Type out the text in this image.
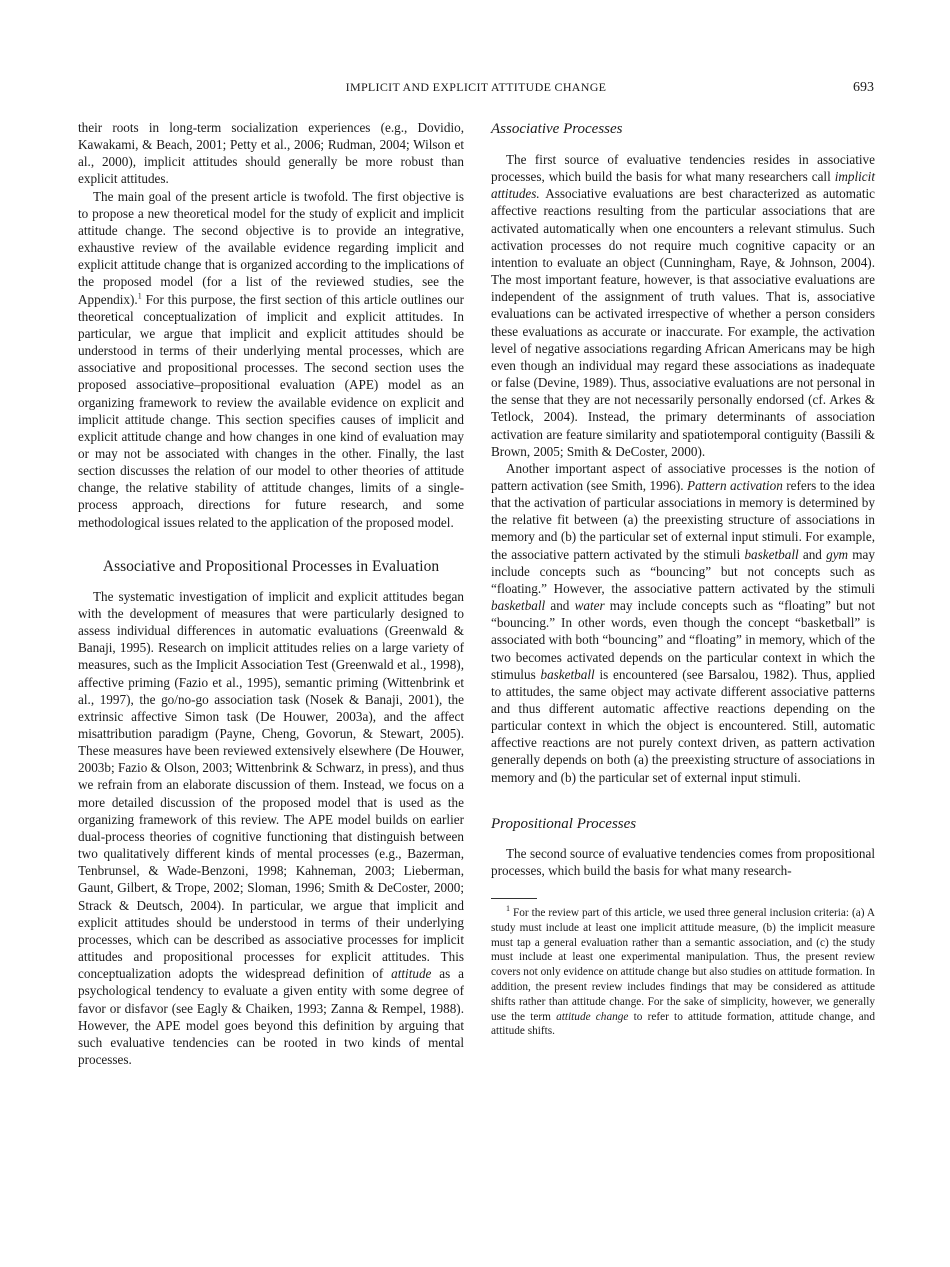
IMPLICIT AND EXPLICIT ATTITUDE CHANGE	693

their roots in long-term socialization experiences (e.g., Dovidio, Kawakami, & Beach, 2001; Petty et al., 2006; Rudman, 2004; Wilson et al., 2000), implicit attitudes should generally be more robust than explicit attitudes.

The main goal of the present article is twofold. The first objective is to propose a new theoretical model for the study of explicit and implicit attitude change. The second objective is to provide an integrative, exhaustive review of the available evidence regarding implicit and explicit attitude change that is organized according to the implications of the proposed model (for a list of the reviewed studies, see the Appendix).$^1$ For this purpose, the first section of this article outlines our theoretical conceptualization of implicit and explicit attitudes. In particular, we argue that implicit and explicit attitudes should be understood in terms of their underlying mental processes, which are associative and propositional processes. The second section uses the proposed associative–propositional evaluation (APE) model as an organizing framework to review the available evidence on explicit and implicit attitude change. This section specifies causes of implicit and explicit attitude change and how changes in one kind of evaluation may or may not be associated with changes in the other. Finally, the last section discusses the relation of our model to other theories of attitude change, the relative stability of attitude changes, limits of a single-process approach, directions for future research, and some methodological issues related to the application of the proposed model.

Associative and Propositional Processes in Evaluation

The systematic investigation of implicit and explicit attitudes began with the development of measures that were particularly designed to assess individual differences in automatic evaluations (Greenwald & Banaji, 1995). Research on implicit attitudes relies on a large variety of measures, such as the Implicit Association Test (Greenwald et al., 1998), affective priming (Fazio et al., 1995), semantic priming (Wittenbrink et al., 1997), the go/no-go association task (Nosek & Banaji, 2001), the extrinsic affective Simon task (De Houwer, 2003a), and the affect misattribution paradigm (Payne, Cheng, Govorun, & Stewart, 2005). These measures have been reviewed extensively elsewhere (De Houwer, 2003b; Fazio & Olson, 2003; Wittenbrink & Schwarz, in press), and thus we refrain from an elaborate discussion of them. Instead, we focus on a more detailed discussion of the proposed model that is used as the organizing framework of this review. The APE model builds on earlier dual-process theories of cognitive functioning that distinguish between two qualitatively different kinds of mental processes (e.g., Bazerman, Tenbrunsel, & Wade-Benzoni, 1998; Kahneman, 2003; Lieberman, Gaunt, Gilbert, & Trope, 2002; Sloman, 1996; Smith & DeCoster, 2000; Strack & Deutsch, 2004). In particular, we argue that implicit and explicit attitudes should be understood in terms of their underlying processes, which can be described as associative processes for implicit attitudes and propositional processes for explicit attitudes. This conceptualization adopts the widespread definition of attitude as a psychological tendency to evaluate a given entity with some degree of favor or disfavor (see Eagly & Chaiken, 1993; Zanna & Rempel, 1988). However, the APE model goes beyond this definition by arguing that such evaluative tendencies can be rooted in two kinds of mental processes.

Associative Processes

The first source of evaluative tendencies resides in associative processes, which build the basis for what many researchers call implicit attitudes. Associative evaluations are best characterized as automatic affective reactions resulting from the particular associations that are activated automatically when one encounters a relevant stimulus. Such activation processes do not require much cognitive capacity or an intention to evaluate an object (Cunningham, Raye, & Johnson, 2004). The most important feature, however, is that associative evaluations are independent of the assignment of truth values. That is, associative evaluations can be activated irrespective of whether a person considers these evaluations as accurate or inaccurate. For example, the activation level of negative associations regarding African Americans may be high even though an individual may regard these associations as inadequate or false (Devine, 1989). Thus, associative evaluations are not personal in the sense that they are not necessarily personally endorsed (cf. Arkes & Tetlock, 2004). Instead, the primary determinants of association activation are feature similarity and spatiotemporal contiguity (Bassili & Brown, 2005; Smith & DeCoster, 2000).

Another important aspect of associative processes is the notion of pattern activation (see Smith, 1996). Pattern activation refers to the idea that the activation of particular associations in memory is determined by the relative fit between (a) the preexisting structure of associations in memory and (b) the particular set of external input stimuli. For example, the associative pattern activated by the stimuli basketball and gym may include concepts such as “bouncing” but not concepts such as “floating.” However, the associative pattern activated by the stimuli basketball and water may include concepts such as “floating” but not “bouncing.” In other words, even though the concept “basketball” is associated with both “bouncing” and “floating” in memory, which of the two becomes activated depends on the particular context in which the stimulus basketball is encountered (see Barsalou, 1982). Thus, applied to attitudes, the same object may activate different associative patterns and thus different automatic affective reactions depending on the particular context in which the object is encountered. Still, automatic affective reactions are not purely context driven, as pattern activation generally depends on both (a) the preexisting structure of associations in memory and (b) the particular set of external input stimuli.

Propositional Processes

The second source of evaluative tendencies comes from propositional processes, which build the basis for what many research-

$^1$ For the review part of this article, we used three general inclusion criteria: (a) A study must include at least one implicit attitude measure, (b) the implicit measure must tap a general evaluation rather than a semantic association, and (c) the study must include at least one experimental manipulation. Thus, the present review covers not only evidence on attitude change but also studies on attitude formation. In addition, the present review includes findings that may be considered as attitude shifts rather than attitude change. For the sake of simplicity, however, we generally use the term attitude change to refer to attitude formation, attitude change, and attitude shifts.
